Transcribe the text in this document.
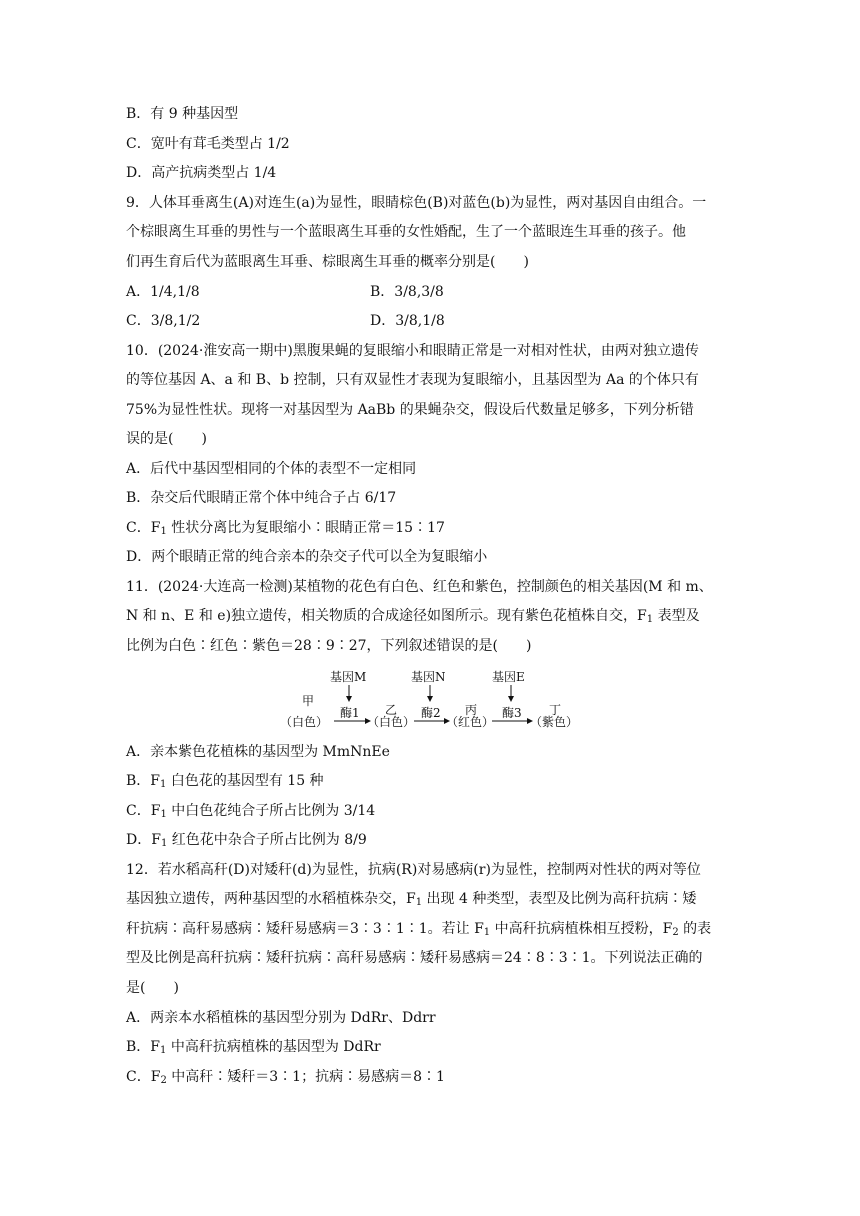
B．有 9 种基因型
C．宽叶有茸毛类型占 1/2
D．高产抗病类型占 1/4
9．人体耳垂离生(A)对连生(a)为显性，眼睛棕色(B)对蓝色(b)为显性，两对基因自由组合。一
个棕眼离生耳垂的男性与一个蓝眼离生耳垂的女性婚配，生了一个蓝眼连生耳垂的孩子。他
们再生育后代为蓝眼离生耳垂、棕眼离生耳垂的概率分别是(　　)
A．1/4,1/8	B．3/8,3/8
C．3/8,1/2	D．3/8,1/8
10．(2024·淮安高一期中)黑腹果蝇的复眼缩小和眼睛正常是一对相对性状，由两对独立遗传
的等位基因 A、a 和 B、b 控制，只有双显性才表现为复眼缩小，且基因型为 Aa 的个体只有
75%为显性性状。现将一对基因型为 AaBb 的果蝇杂交，假设后代数量足够多，下列分析错
误的是(　　)
A．后代中基因型相同的个体的表型不一定相同
B．杂交后代眼睛正常个体中纯合子占 6/17
C．$F_1$ 性状分离比为复眼缩小∶眼睛正常＝15∶17
D．两个眼睛正常的纯合亲本的杂交子代可以全为复眼缩小
11．(2024·大连高一检测)某植物的花色有白色、红色和紫色，控制颜色的相关基因(M 和 m、
N 和 n、E 和 e)独立遗传，相关物质的合成途径如图所示。现有紫色花植株自交，$F_1$ 表型及
比例为白色∶红色∶紫色＝28∶9∶27，下列叙述错误的是(　　)
基因M	基因N	基因E
甲
乙	丙	丁
酶1	酶2	酶3
（白色）	（白色）	（红色）	（紫色）
A．亲本紫色花植株的基因型为 MmNnEe
B．$F_1$ 白色花的基因型有 15 种
C．$F_1$ 中白色花纯合子所占比例为 3/14
D．$F_1$ 红色花中杂合子所占比例为 8/9
12．若水稻高秆(D)对矮秆(d)为显性，抗病(R)对易感病(r)为显性，控制两对性状的两对等位
基因独立遗传，两种基因型的水稻植株杂交，$F_1$ 出现 4 种类型，表型及比例为高秆抗病∶矮
秆抗病∶高秆易感病∶矮秆易感病＝3∶3∶1∶1。若让 $F_1$ 中高秆抗病植株相互授粉，$F_2$ 的表
型及比例是高秆抗病∶矮秆抗病∶高秆易感病∶矮秆易感病＝24∶8∶3∶1。下列说法正确的
是(　　)
A．两亲本水稻植株的基因型分别为 DdRr、Ddrr
B．$F_1$ 中高秆抗病植株的基因型为 DdRr
C．$F_2$ 中高秆∶矮秆＝3∶1；抗病∶易感病＝8∶1
